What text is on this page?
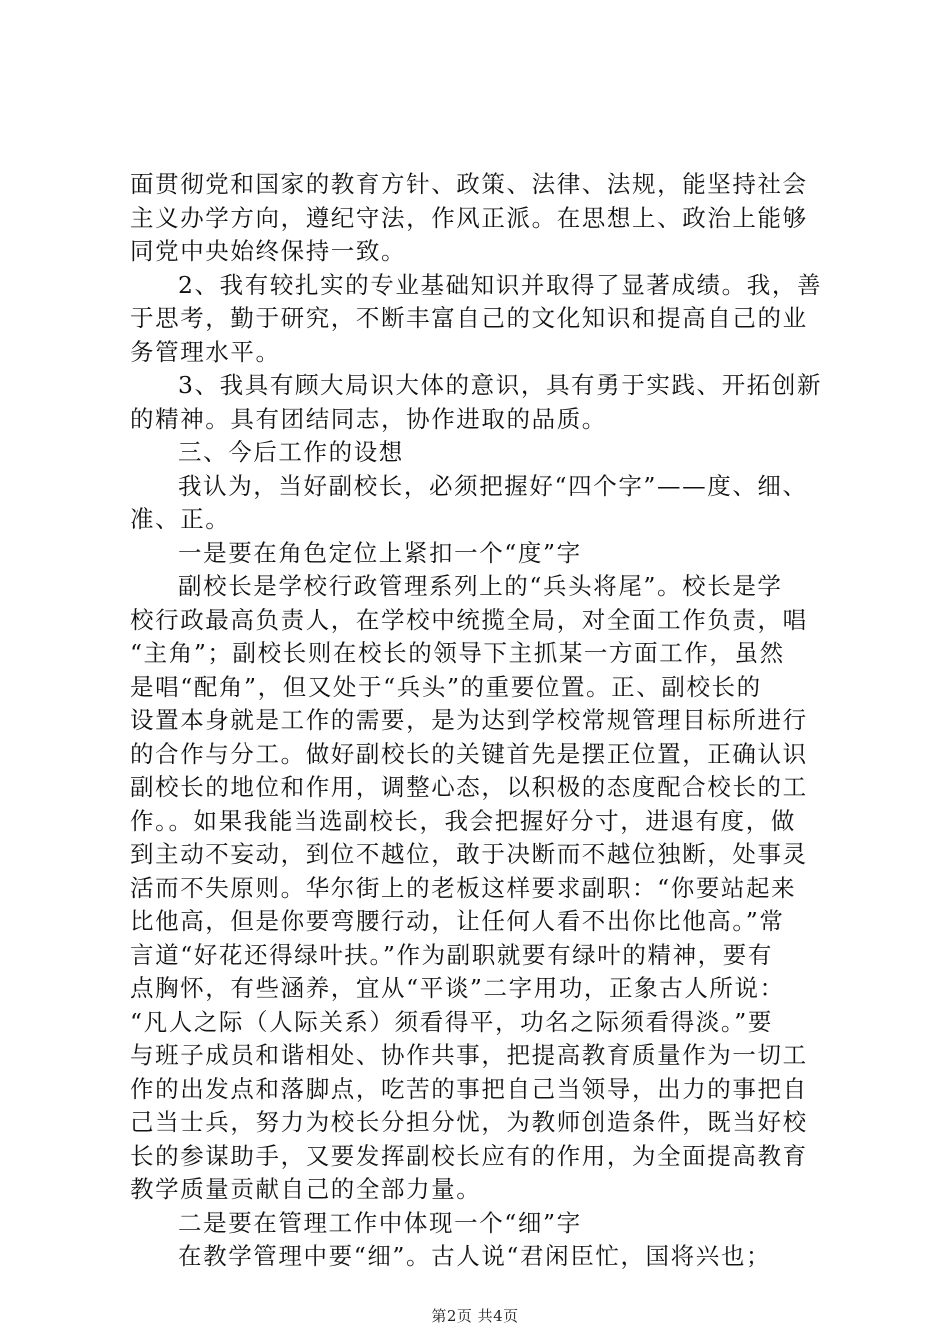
面贯彻党和国家的教育方针、政策、法律、法规，能坚持社会
主义办学方向，遵纪守法，作风正派。在思想上、政治上能够
同党中央始终保持一致。
2、我有较扎实的专业基础知识并取得了显著成绩。我，善
于思考，勤于研究，不断丰富自己的文化知识和提高自己的业
务管理水平。
3、我具有顾大局识大体的意识，具有勇于实践、开拓创新
的精神。具有团结同志，协作进取的品质。
三、今后工作的设想
我认为，当好副校长，必须把握好“四个字”——度、细、
准、正。
一是要在角色定位上紧扣一个“度”字
副校长是学校行政管理系列上的“兵头将尾”。校长是学
校行政最高负责人，在学校中统揽全局，对全面工作负责，唱
“主角”；副校长则在校长的领导下主抓某一方面工作，虽然
是唱“配角”，但又处于“兵头”的重要位置。正、副校长的
设置本身就是工作的需要，是为达到学校常规管理目标所进行
的合作与分工。做好副校长的关键首先是摆正位置，正确认识
副校长的地位和作用，调整心态，以积极的态度配合校长的工
作。。如果我能当选副校长，我会把握好分寸，进退有度，做
到主动不妄动，到位不越位，敢于决断而不越位独断，处事灵
活而不失原则。华尔街上的老板这样要求副职：“你要站起来
比他高，但是你要弯腰行动，让任何人看不出你比他高。”常
言道“好花还得绿叶扶。”作为副职就要有绿叶的精神，要有
点胸怀，有些涵养，宜从“平谈”二字用功，正象古人所说：
“凡人之际（人际关系）须看得平，功名之际须看得淡。”要
与班子成员和谐相处、协作共事，把提高教育质量作为一切工
作的出发点和落脚点，吃苦的事把自己当领导，出力的事把自
己当士兵，努力为校长分担分忧，为教师创造条件，既当好校
长的参谋助手，又要发挥副校长应有的作用，为全面提高教育
教学质量贡献自己的全部力量。
二是要在管理工作中体现一个“细”字
在教学管理中要“细”。古人说“君闲臣忙，国将兴也；
第2页 共4页
